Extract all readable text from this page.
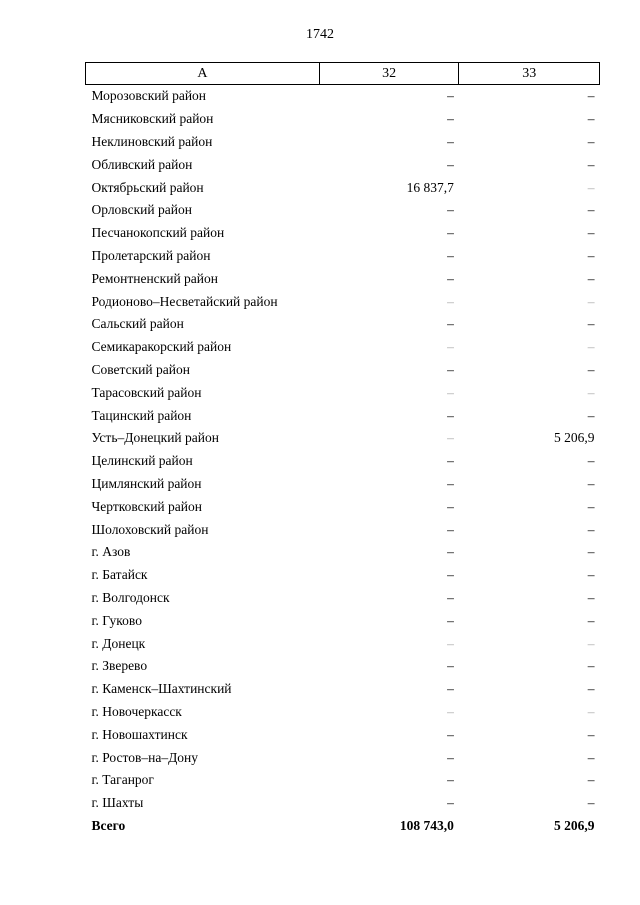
1742
А	32	33
Морозовский район	–	–
Мясниковский район	–	–
Неклиновский район	–	–
Обливский район	–	–
Октябрьский район	16 837,7	–
Орловский район	–	–
Песчанокопский район	–	–
Пролетарский район	–	–
Ремонтненский район	–	–
Родионово–Несветайский район	–	–
Сальский район	–	–
Семикаракорский район	–	–
Советский район	–	–
Тарасовский район	–	–
Тацинский район	–	–
Усть–Донецкий район	–	5 206,9
Целинский район	–	–
Цимлянский район	–	–
Чертковский район	–	–
Шолоховский район	–	–
г. Азов	–	–
г. Батайск	–	–
г. Волгодонск	–	–
г. Гуково	–	–
г. Донецк	–	–
г. Зверево	–	–
г. Каменск–Шахтинский	–	–
г. Новочеркасск	–	–
г. Новошахтинск	–	–
г. Ростов–на–Дону	–	–
г. Таганрог	–	–
г. Шахты	–	–
Всего	108 743,0	5 206,9
